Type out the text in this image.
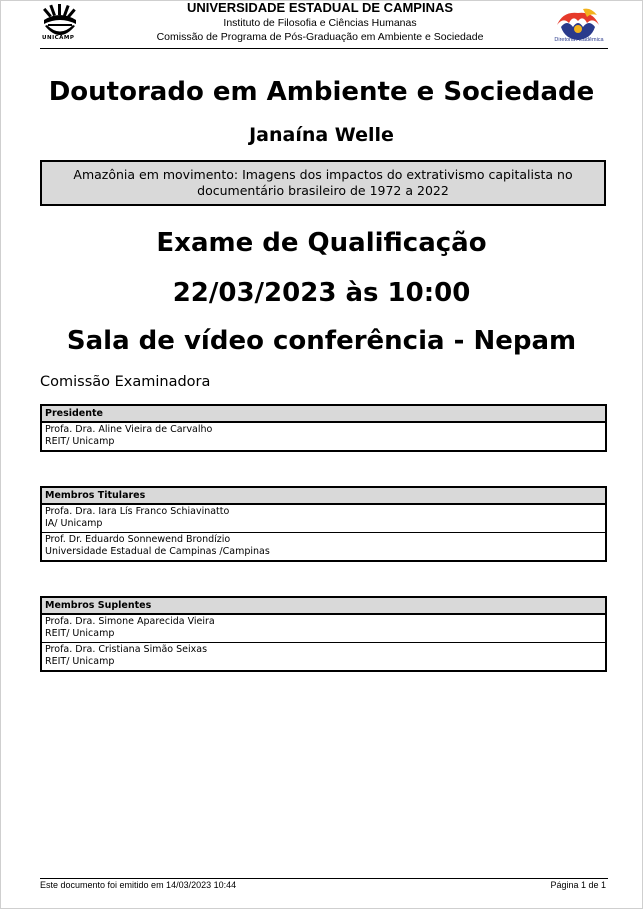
UNICAMP
UNIVERSIDADE ESTADUAL DE CAMPINAS
Instituto de Filosofia e Ciências Humanas
Comissão de Programa de Pós-Graduação em Ambiente e Sociedade	Diretoria Acadêmica
Doutorado em Ambiente e Sociedade
Janaína Welle
Amazônia em movimento: Imagens dos impactos do extrativismo capitalista no documentário brasileiro de 1972 a 2022
Exame de Qualificação
22/03/2023 às 10:00
Sala de vídeo conferência - Nepam
Comissão Examinadora
Presidente

Profa. Dra. Aline Vieira de Carvalho
REIT/ Unicamp
Membros Titulares

Profa. Dra. Iara Lís Franco Schiavinatto
IA/ Unicamp

Prof. Dr. Eduardo Sonnewend Brondízio
Universidade Estadual de Campinas /Campinas
Membros Suplentes

Profa. Dra. Simone Aparecida Vieira
REIT/ Unicamp

Profa. Dra. Cristiana Simão Seixas
REIT/ Unicamp
Este documento foi emitido em 14/03/2023 10:44	Página 1 de 1
